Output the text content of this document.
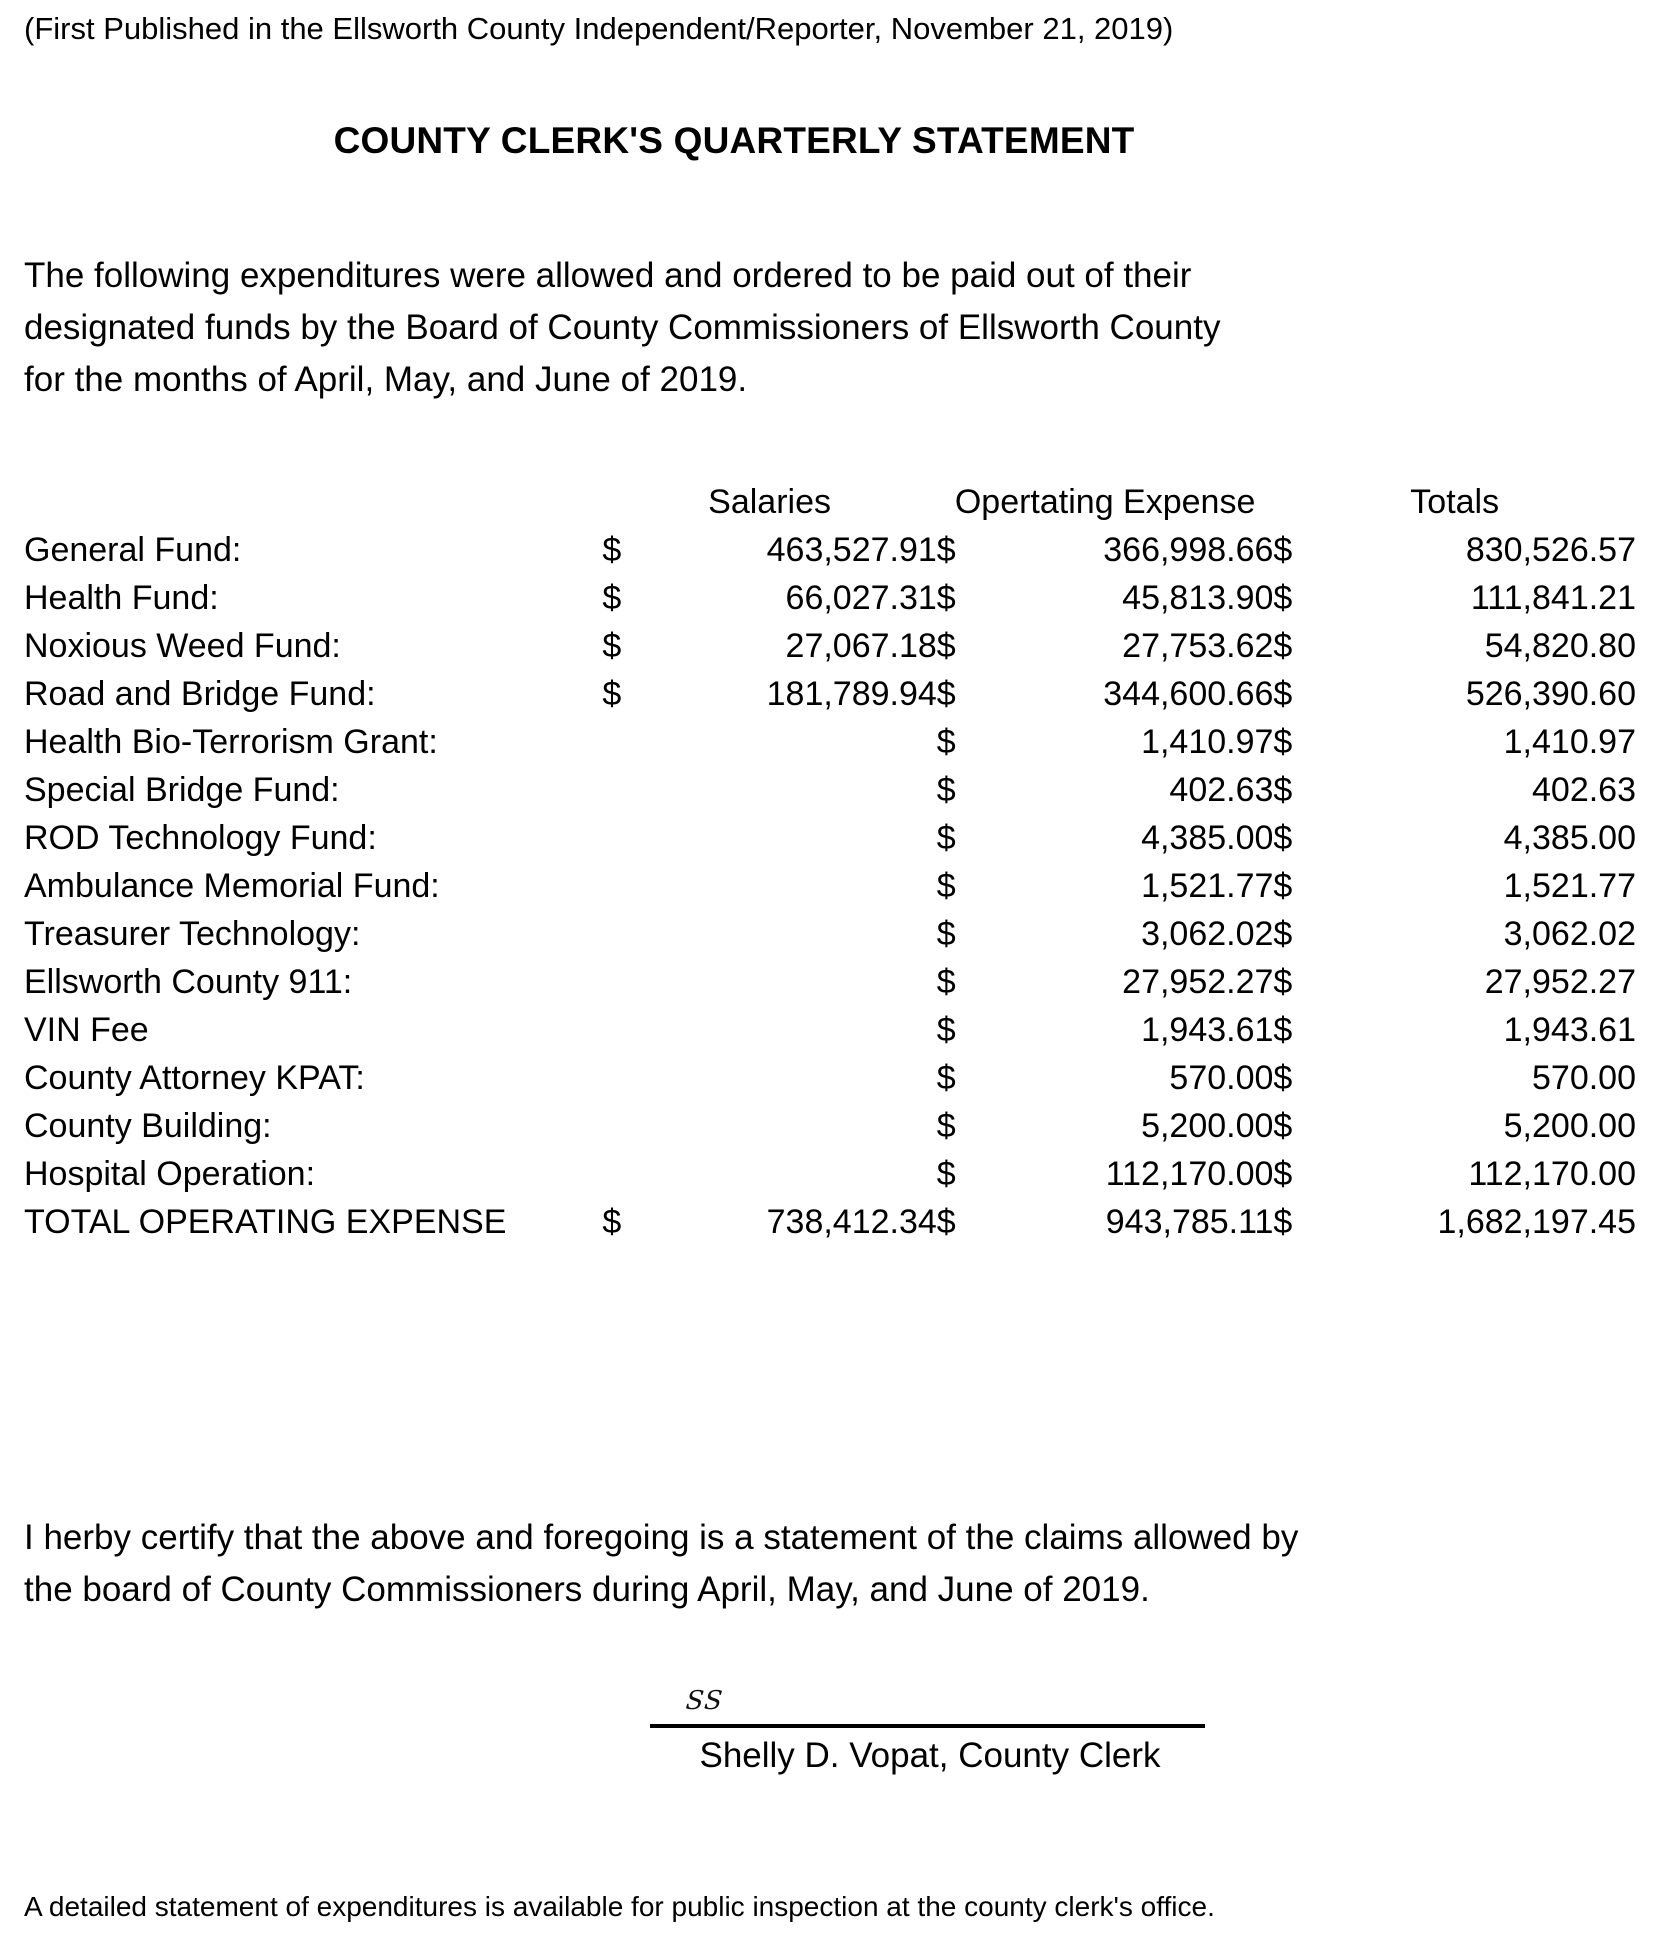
(First Published in the Ellsworth County Independent/Reporter, November 21, 2019)
COUNTY CLERK'S QUARTERLY STATEMENT
The following expenditures were allowed and ordered to be paid out of their
designated funds by the Board of County Commissioners of Ellsworth County
for the months of April, May, and June of 2019.
	Salaries		Opertating Expense		Totals	
General Fund:	$	463,527.91	$	366,998.66	$	830,526.57
Health Fund:	$	66,027.31	$	45,813.90	$	111,841.21
Noxious Weed Fund:	$	27,067.18	$	27,753.62	$	54,820.80
Road and Bridge Fund:	$	181,789.94	$	344,600.66	$	526,390.60
Health Bio-Terrorism Grant:			$	1,410.97	$	1,410.97
Special Bridge Fund:			$	402.63	$	402.63
ROD Technology Fund:			$	4,385.00	$	4,385.00
Ambulance Memorial Fund:			$	1,521.77	$	1,521.77
Treasurer Technology:			$	3,062.02	$	3,062.02
Ellsworth County 911:			$	27,952.27	$	27,952.27
VIN Fee			$	1,943.61	$	1,943.61
County Attorney KPAT:			$	570.00	$	570.00
County Building:			$	5,200.00	$	5,200.00
Hospital Operation:			$	112,170.00	$	112,170.00
TOTAL OPERATING EXPENSE	$	738,412.34	$	943,785.11	$	1,682,197.45
I herby certify that the above and foregoing is a statement of the claims allowed by
the board of County Commissioners during April, May, and June of 2019.
SS
Shelly D. Vopat, County Clerk
A detailed statement of expenditures is available for public inspection at the county clerk's office.
